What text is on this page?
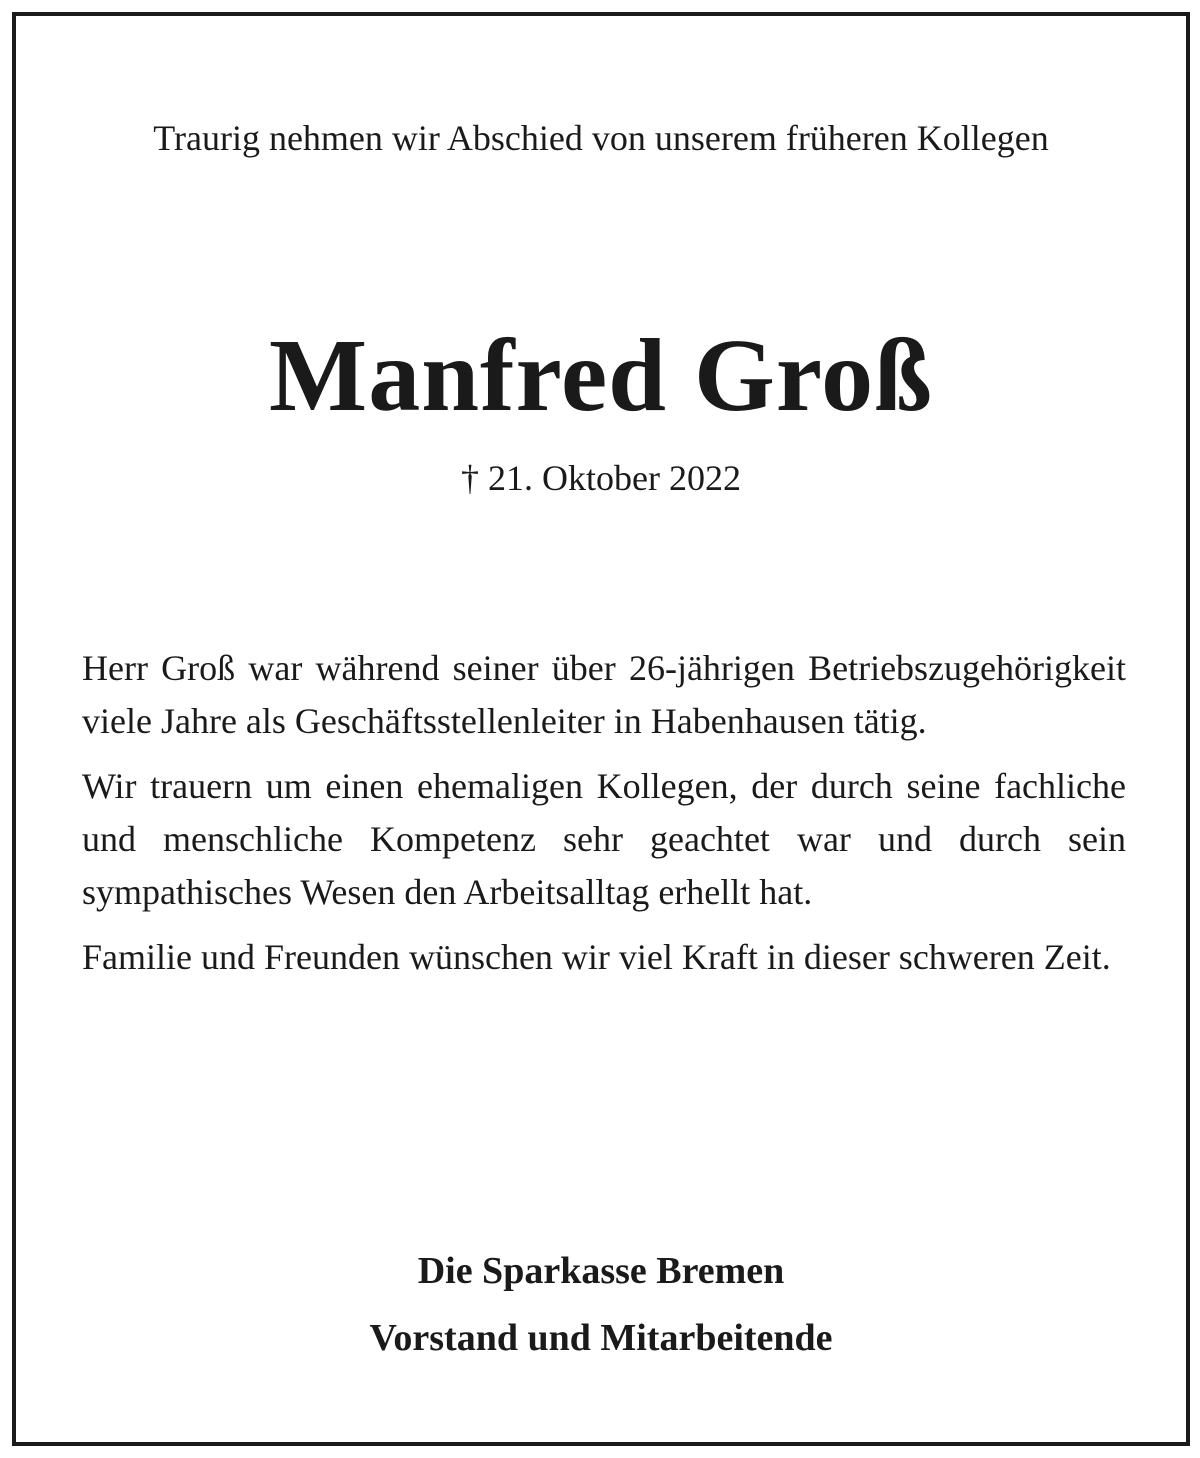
Traurig nehmen wir Abschied von unserem früheren Kollegen
Manfred Groß
† 21. Oktober 2022

Herr Groß war während seiner über 26-jährigen Betriebszugehörigkeit viele Jahre als Geschäftsstellenleiter in Habenhausen tätig.

Wir trauern um einen ehemaligen Kollegen, der durch seine fachliche und menschliche Kompetenz sehr geachtet war und durch sein sympathisches Wesen den Arbeitsalltag erhellt hat.

Familie und Freunden wünschen wir viel Kraft in dieser schweren Zeit.

Die Sparkasse Bremen
Vorstand und Mitarbeitende
